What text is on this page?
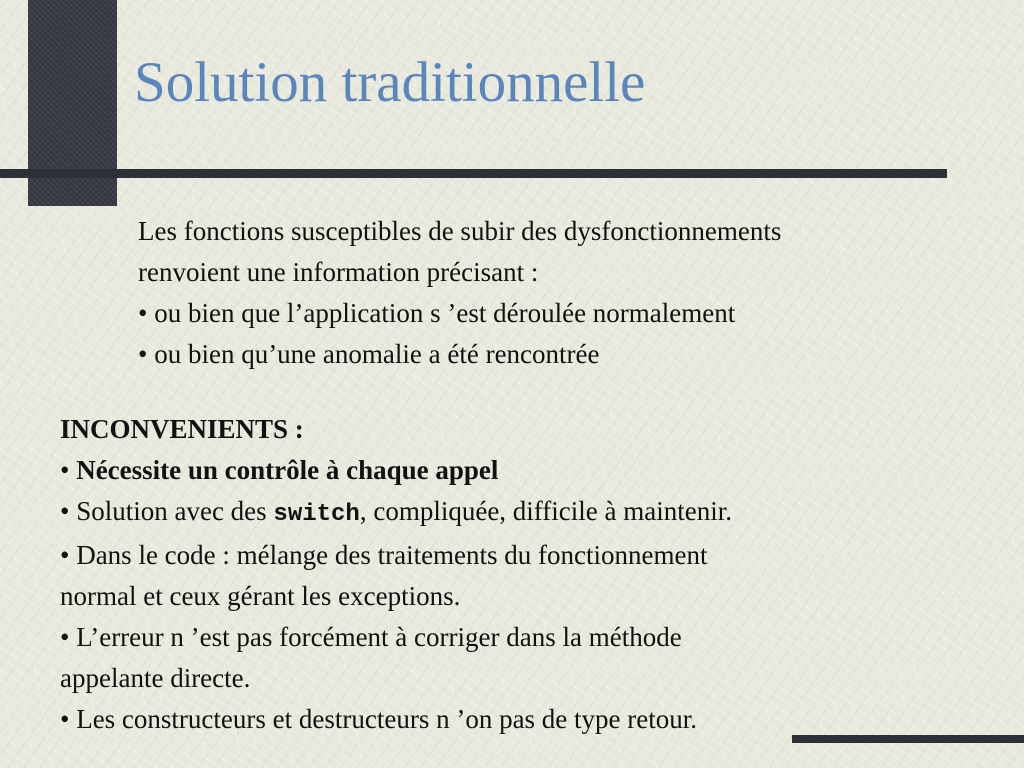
Solution traditionnelle

Les fonctions susceptibles de subir des dysfonctionnements

renvoient une information précisant :

• ou bien que l’application s ’est déroulée normalement

• ou bien qu’une anomalie a été rencontrée

INCONVENIENTS :

• Nécessite un contrôle à chaque appel

• Solution avec des switch, compliquée, difficile à maintenir.

• Dans le code : mélange des traitements du fonctionnement

normal et ceux gérant les exceptions.

• L’erreur n ’est pas forcément à corriger dans la méthode

appelante directe.

• Les constructeurs et destructeurs n ’on pas de type retour.
